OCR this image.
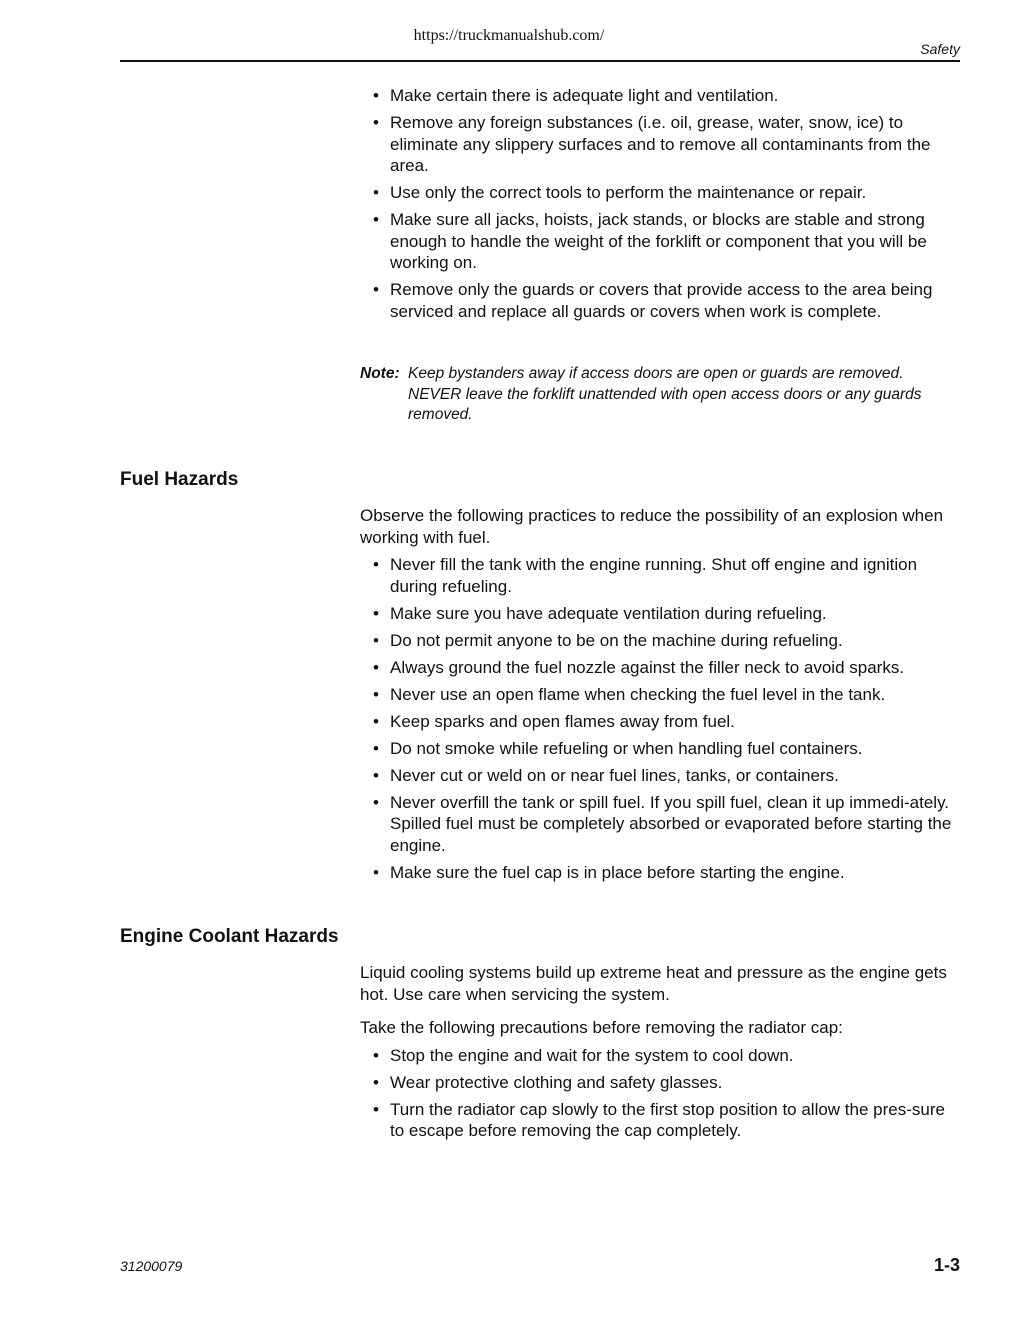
https://truckmanualshub.com/
Safety
• Make certain there is adequate light and ventilation.
• Remove any foreign substances (i.e. oil, grease, water, snow, ice) to eliminate any slippery surfaces and to remove all contaminants from the area.
• Use only the correct tools to perform the maintenance or repair.
• Make sure all jacks, hoists, jack stands, or blocks are stable and strong enough to handle the weight of the forklift or component that you will be working on.
• Remove only the guards or covers that provide access to the area being serviced and replace all guards or covers when work is complete.
Note: Keep bystanders away if access doors are open or guards are removed. NEVER leave the forklift unattended with open access doors or any guards removed.
Fuel Hazards

Observe the following practices to reduce the possibility of an explosion when working with fuel.

• Never fill the tank with the engine running. Shut off engine and ignition during refueling.
• Make sure you have adequate ventilation during refueling.
• Do not permit anyone to be on the machine during refueling.
• Always ground the fuel nozzle against the filler neck to avoid sparks.
• Never use an open flame when checking the fuel level in the tank.
• Keep sparks and open flames away from fuel.
• Do not smoke while refueling or when handling fuel containers.
• Never cut or weld on or near fuel lines, tanks, or containers.
• Never overfill the tank or spill fuel. If you spill fuel, clean it up immedi-ately. Spilled fuel must be completely absorbed or evaporated before starting the engine.
• Make sure the fuel cap is in place before starting the engine.
Engine Coolant Hazards

Liquid cooling systems build up extreme heat and pressure as the engine gets hot. Use care when servicing the system.

Take the following precautions before removing the radiator cap:

• Stop the engine and wait for the system to cool down.
• Wear protective clothing and safety glasses.
• Turn the radiator cap slowly to the first stop position to allow the pres-sure to escape before removing the cap completely.
31200079	1-3
